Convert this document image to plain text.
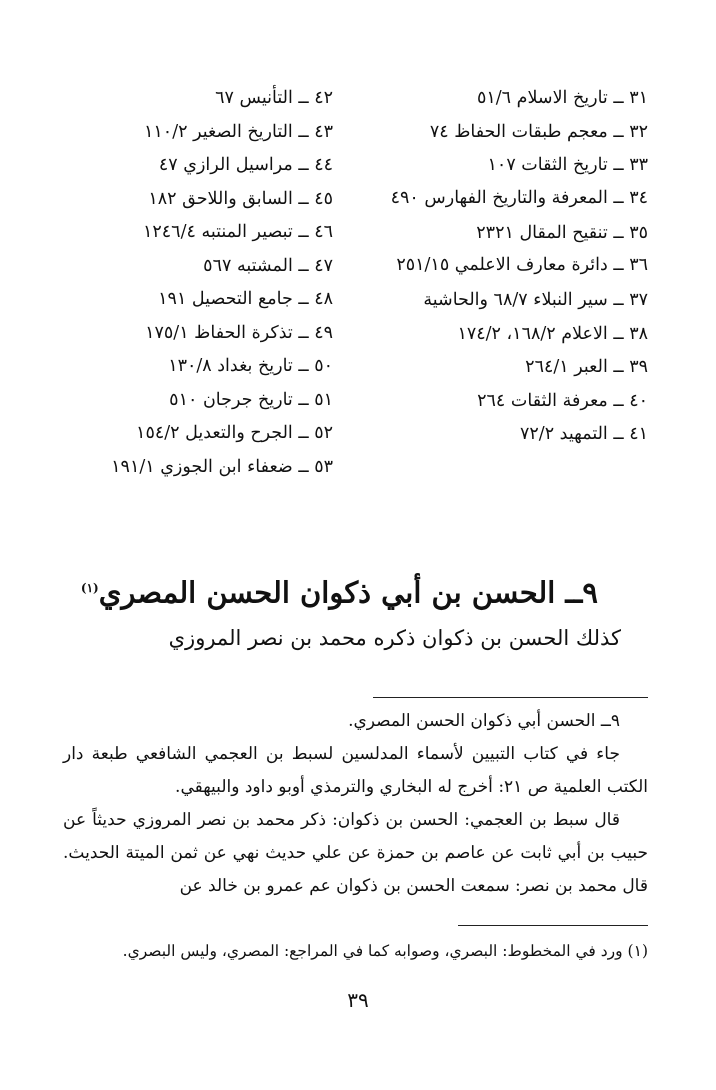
٣١ ــ تاريخ الاسلام ٥١/٦
٣٢ ــ معجم طبقات الحفاظ ٧٤
٣٣ ــ تاريخ الثقات ١٠٧
٣٤ ــ المعرفة والتاريخ الفهارس ٤٩٠
٣٥ ــ تنقيح المقال ٢٣٢١
٣٦ ــ دائرة معارف الاعلمي ٢٥١/١٥
٣٧ ــ سير النبلاء ٦٨/٧ والحاشية
٣٨ ــ الاعلام ١٦٨/٢، ١٧٤/٢
٣٩ ــ العبر ٢٦٤/١
٤٠ ــ معرفة الثقات ٢٦٤
٤١ ــ التمهيد ٧٢/٢
٤٢ ــ التأنيس ٦٧
٤٣ ــ التاريخ الصغير ١١٠/٢
٤٤ ــ مراسيل الرازي ٤٧
٤٥ ــ السابق واللاحق ١٨٢
٤٦ ــ تبصير المنتبه ١٢٤٦/٤
٤٧ ــ المشتبه ٥٦٧
٤٨ ــ جامع التحصيل ١٩١
٤٩ ــ تذكرة الحفاظ ١٧٥/١
٥٠ ــ تاريخ بغداد ١٣٠/٨
٥١ ــ تاريخ جرجان ٥١٠
٥٢ ــ الجرح والتعديل ١٥٤/٢
٥٣ ــ ضعفاء ابن الجوزي ١٩١/١
٩ــ الحسن بن أبي ذكوان الحسن المصري$^{(١)}$

كذلك الحسن بن ذكوان ذكره محمد بن نصر المروزي

٩ــ الحسن أبي ذكوان الحسن المصري.

جاء في كتاب التبيين لأسماء المدلسين لسبط بن العجمي الشافعي طبعة دار الكتب العلمية ص ٢١: أخرج له البخاري والترمذي أوبو داود والبيهقي.

قال سبط بن العجمي: الحسن بن ذكوان: ذكر محمد بن نصر المروزي حديثاً عن حبيب بن أبي ثابت عن عاصم بن حمزة عن علي حديث نهي عن ثمن الميتة الحديث. قال محمد بن نصر: سمعت الحسن بن ذكوان عم عمرو بن خالد عن

(١) ورد في المخطوط: البصري، وصوابه كما في المراجع: المصري، وليس البصري.

٣٩
